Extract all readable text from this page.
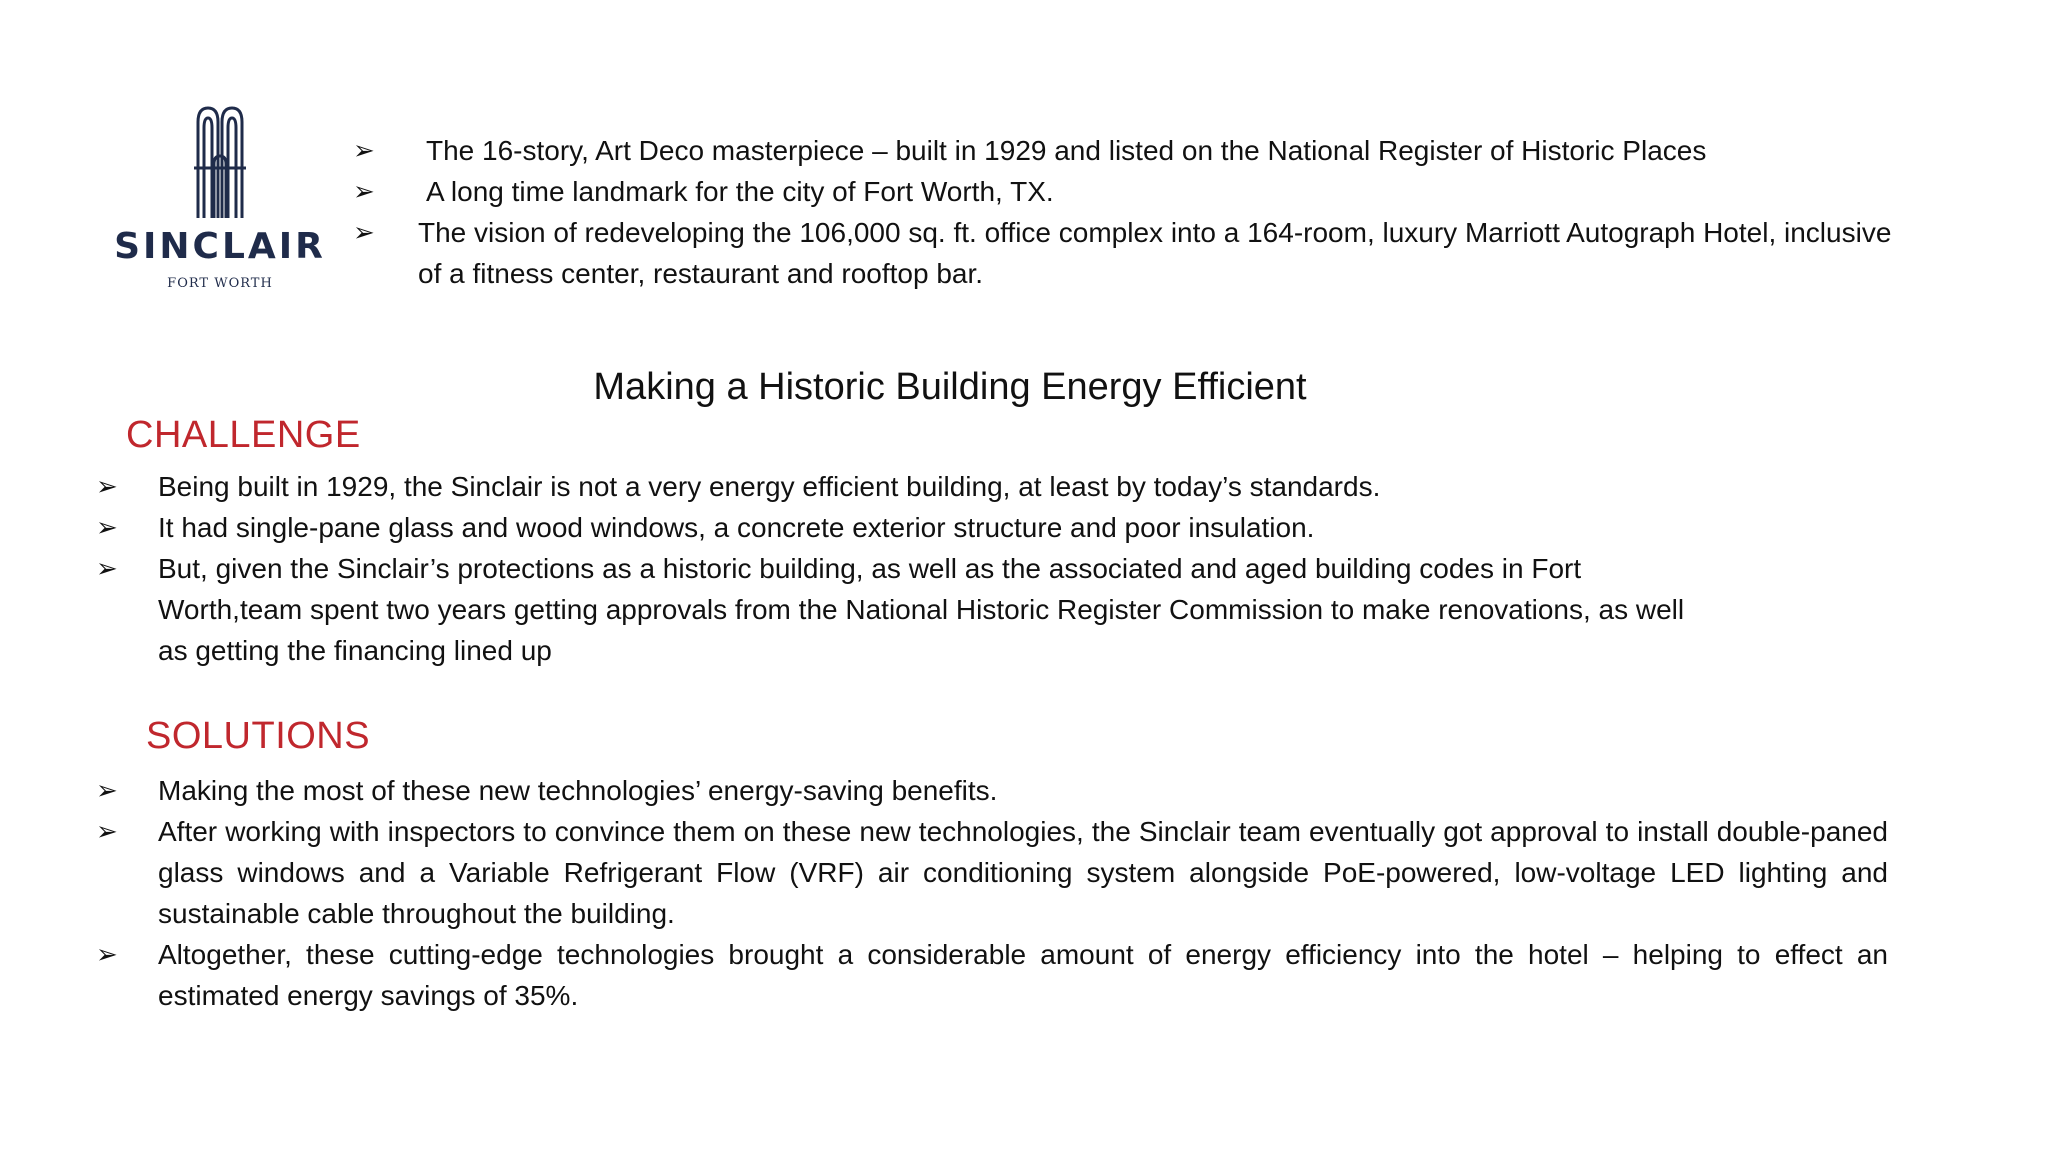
SINCLAIR
FORT WORTH
➢ The 16-story, Art Deco masterpiece – built in 1929 and listed on the National Register of Historic Places
➢ A long time landmark for the city of Fort Worth, TX.
➢ The vision of redeveloping the 106,000 sq. ft. office complex into a 164-room, luxury Marriott Autograph Hotel, inclusive of a fitness center, restaurant and rooftop bar.
Making a Historic Building Energy Efficient
CHALLENGE
➢ Being built in 1929, the Sinclair is not a very energy efficient building, at least by today’s standards.
➢ It had single-pane glass and wood windows, a concrete exterior structure and poor insulation.
➢ But, given the Sinclair’s protections as a historic building, as well as the associated and aged building codes in Fort Worth,team spent two years getting approvals from the National Historic Register Commission to make renovations, as well as getting the financing lined up
SOLUTIONS
➢ Making the most of these new technologies’ energy-saving benefits.
➢ After working with inspectors to convince them on these new technologies, the Sinclair team eventually got approval to install double-paned glass windows and a Variable Refrigerant Flow (VRF) air conditioning system alongside PoE-powered, low-voltage LED lighting and sustainable cable throughout the building.
➢ Altogether, these cutting-edge technologies brought a considerable amount of energy efficiency into the hotel – helping to effect an estimated energy savings of 35%.
